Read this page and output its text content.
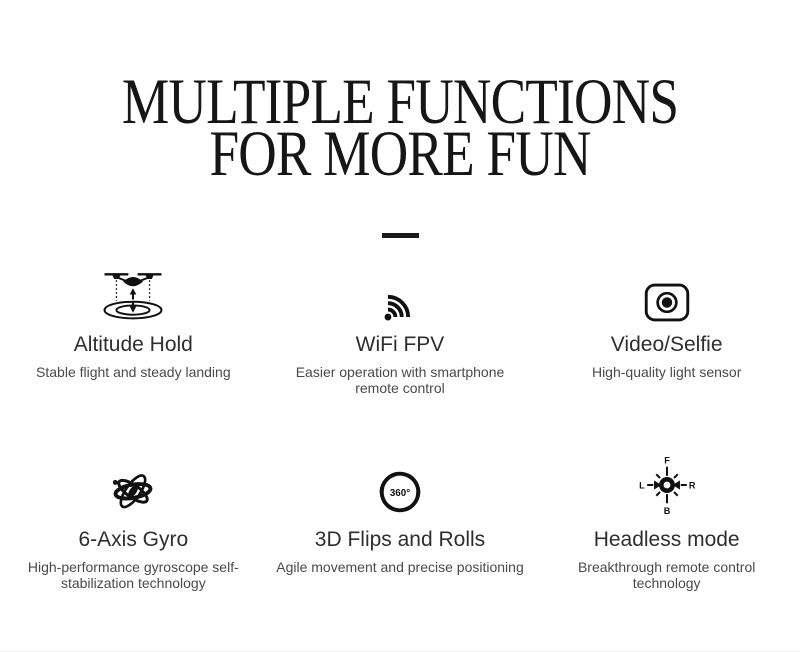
MULTIPLE FUNCTIONS
FOR MORE FUN
Altitude Hold
Stable flight and steady landing
WiFi FPV
Easier operation with smartphone remote control
Video/Selfie
High-quality light sensor
6-Axis Gyro
High-performance gyroscope self-stabilization technology
360°
3D Flips and Rolls
Agile movement and precise positioning
F
B
L	R
Headless mode
Breakthrough remote control technology
